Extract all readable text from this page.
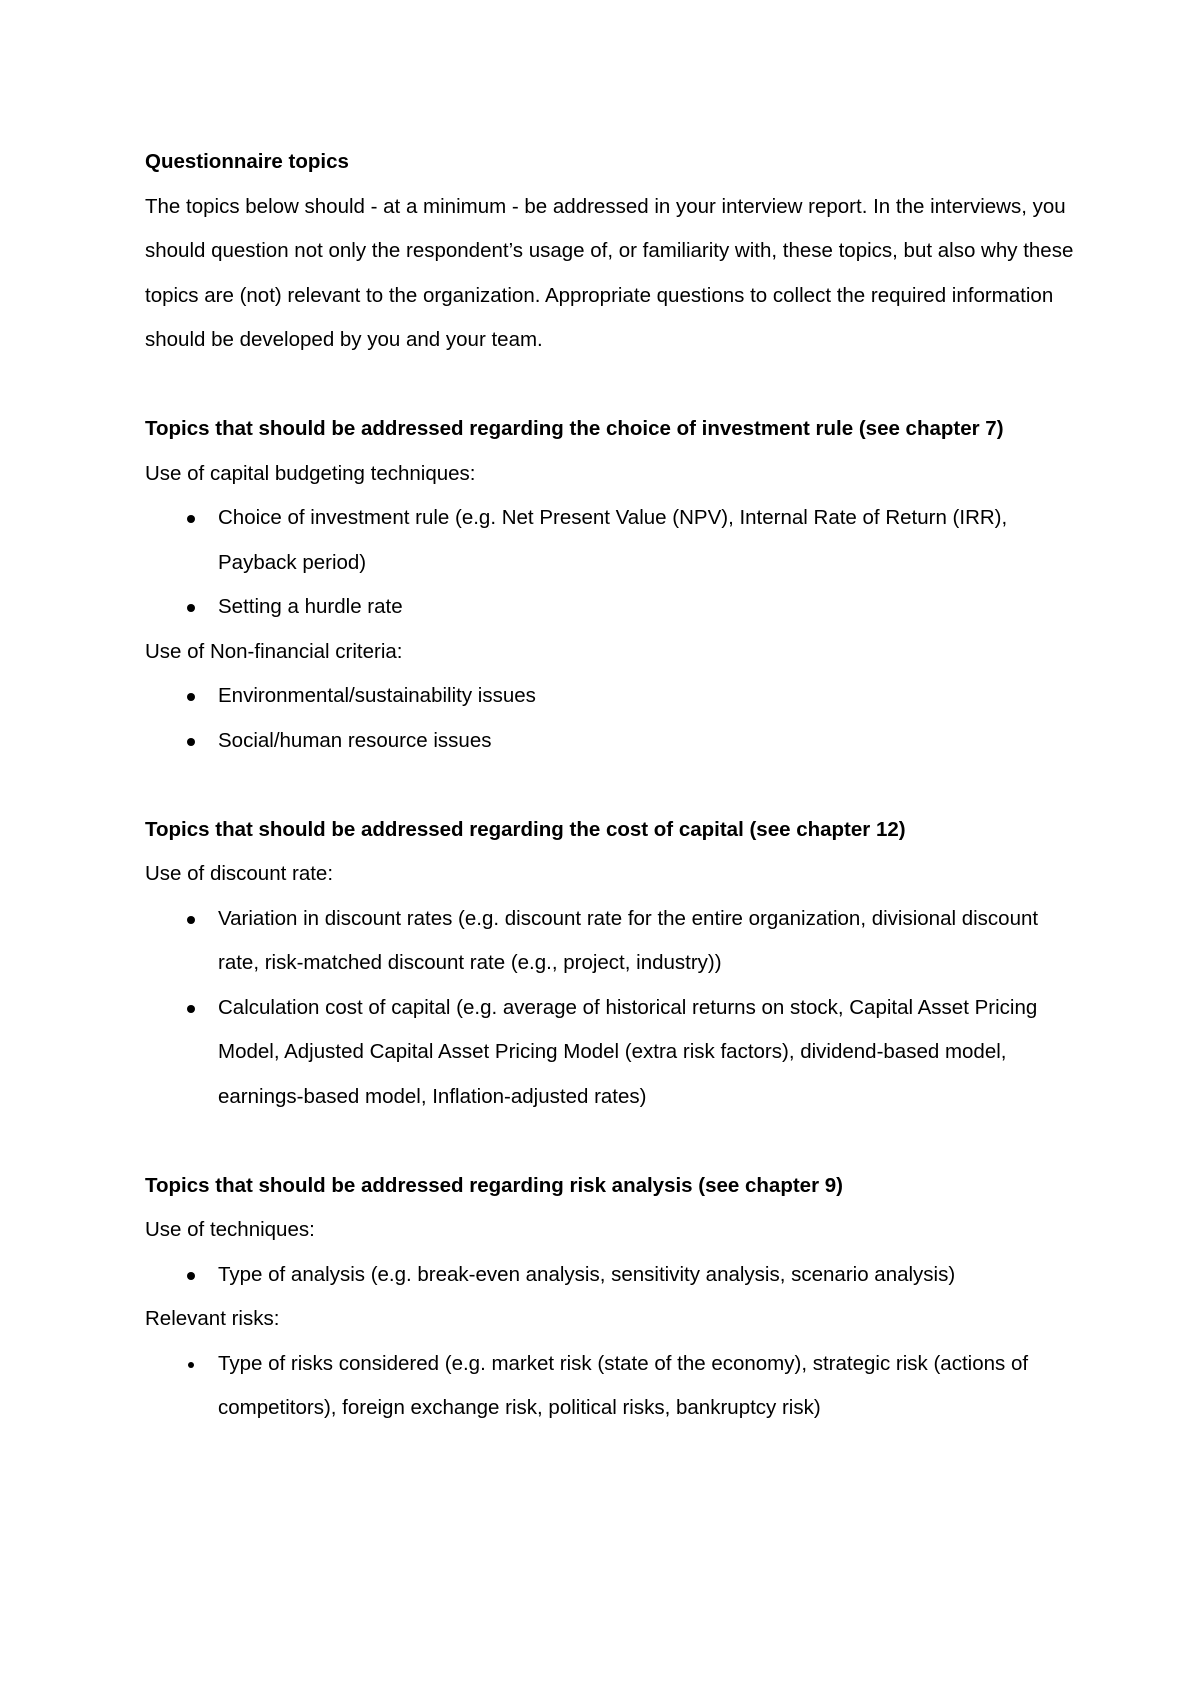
Questionnaire topics

The topics below should - at a minimum - be addressed in your interview report. In the interviews, you should question not only the respondent’s usage of, or familiarity with, these topics, but also why these topics are (not) relevant to the organization. Appropriate questions to collect the required information should be developed by you and your team.

Topics that should be addressed regarding the choice of investment rule (see chapter 7)

Use of capital budgeting techniques:

Choice of investment rule (e.g. Net Present Value (NPV), Internal Rate of Return (IRR), Payback period)
Setting a hurdle rate

Use of Non-financial criteria:

Environmental/sustainability issues
Social/human resource issues

Topics that should be addressed regarding the cost of capital (see chapter 12)

Use of discount rate:

Variation in discount rates (e.g. discount rate for the entire organization, divisional discount rate, risk-matched discount rate (e.g., project, industry))
Calculation cost of capital (e.g. average of historical returns on stock, Capital Asset Pricing Model, Adjusted Capital Asset Pricing Model (extra risk factors), dividend-based model, earnings-based model, Inflation-adjusted rates)

Topics that should be addressed regarding risk analysis (see chapter 9)

Use of techniques:

Type of analysis (e.g. break-even analysis, sensitivity analysis, scenario analysis)

Relevant risks:

Type of risks considered (e.g. market risk (state of the economy), strategic risk (actions of competitors), foreign exchange risk, political risks, bankruptcy risk)
